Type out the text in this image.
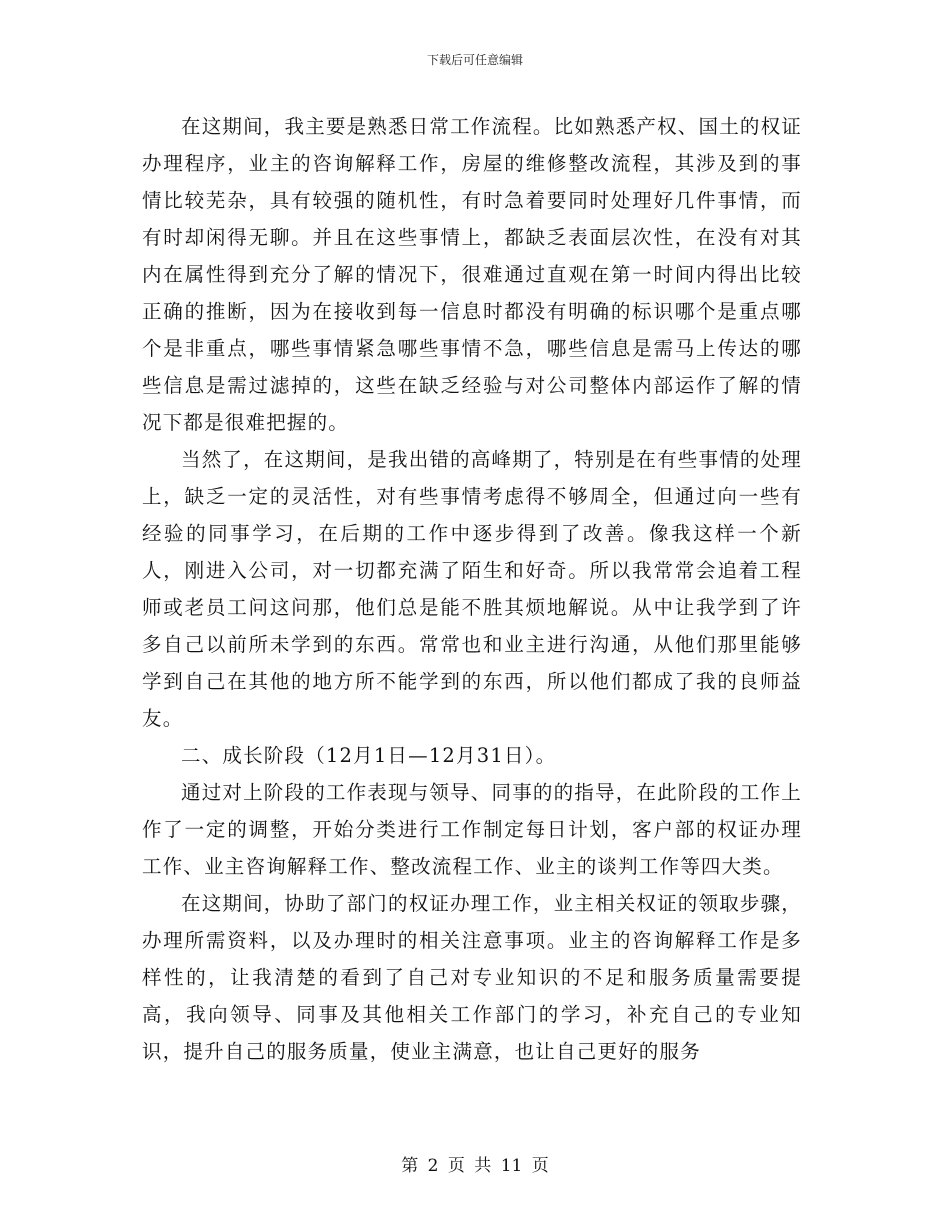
下载后可任意编辑

在这期间，我主要是熟悉日常工作流程。比如熟悉产权、国土的权证办理程序，业主的咨询解释工作，房屋的维修整改流程，其涉及到的事情比较芜杂，具有较强的随机性，有时急着要同时处理好几件事情，而有时却闲得无聊。并且在这些事情上，都缺乏表面层次性，在没有对其内在属性得到充分了解的情况下，很难通过直观在第一时间内得出比较正确的推断，因为在接收到每一信息时都没有明确的标识哪个是重点哪个是非重点，哪些事情紧急哪些事情不急，哪些信息是需马上传达的哪些信息是需过滤掉的，这些在缺乏经验与对公司整体内部运作了解的情况下都是很难把握的。

当然了，在这期间，是我出错的高峰期了，特别是在有些事情的处理上，缺乏一定的灵活性，对有些事情考虑得不够周全，但通过向一些有经验的同事学习，在后期的工作中逐步得到了改善。像我这样一个新人，刚进入公司，对一切都充满了陌生和好奇。所以我常常会追着工程师或老员工问这问那，他们总是能不胜其烦地解说。从中让我学到了许多自己以前所未学到的东西。常常也和业主进行沟通，从他们那里能够学到自己在其他的地方所不能学到的东西，所以他们都成了我的良师益友。

二、成长阶段（12月1日—12月31日）。

通过对上阶段的工作表现与领导、同事的的指导，在此阶段的工作上作了一定的调整，开始分类进行工作制定每日计划，客户部的权证办理工作、业主咨询解释工作、整改流程工作、业主的谈判工作等四大类。

在这期间，协助了部门的权证办理工作，业主相关权证的领取步骤，办理所需资料，以及办理时的相关注意事项。业主的咨询解释工作是多样性的，让我清楚的看到了自己对专业知识的不足和服务质量需要提高，我向领导、同事及其他相关工作部门的学习，补充自己的专业知识，提升自己的服务质量，使业主满意，也让自己更好的服务

第 2 页 共 11 页
